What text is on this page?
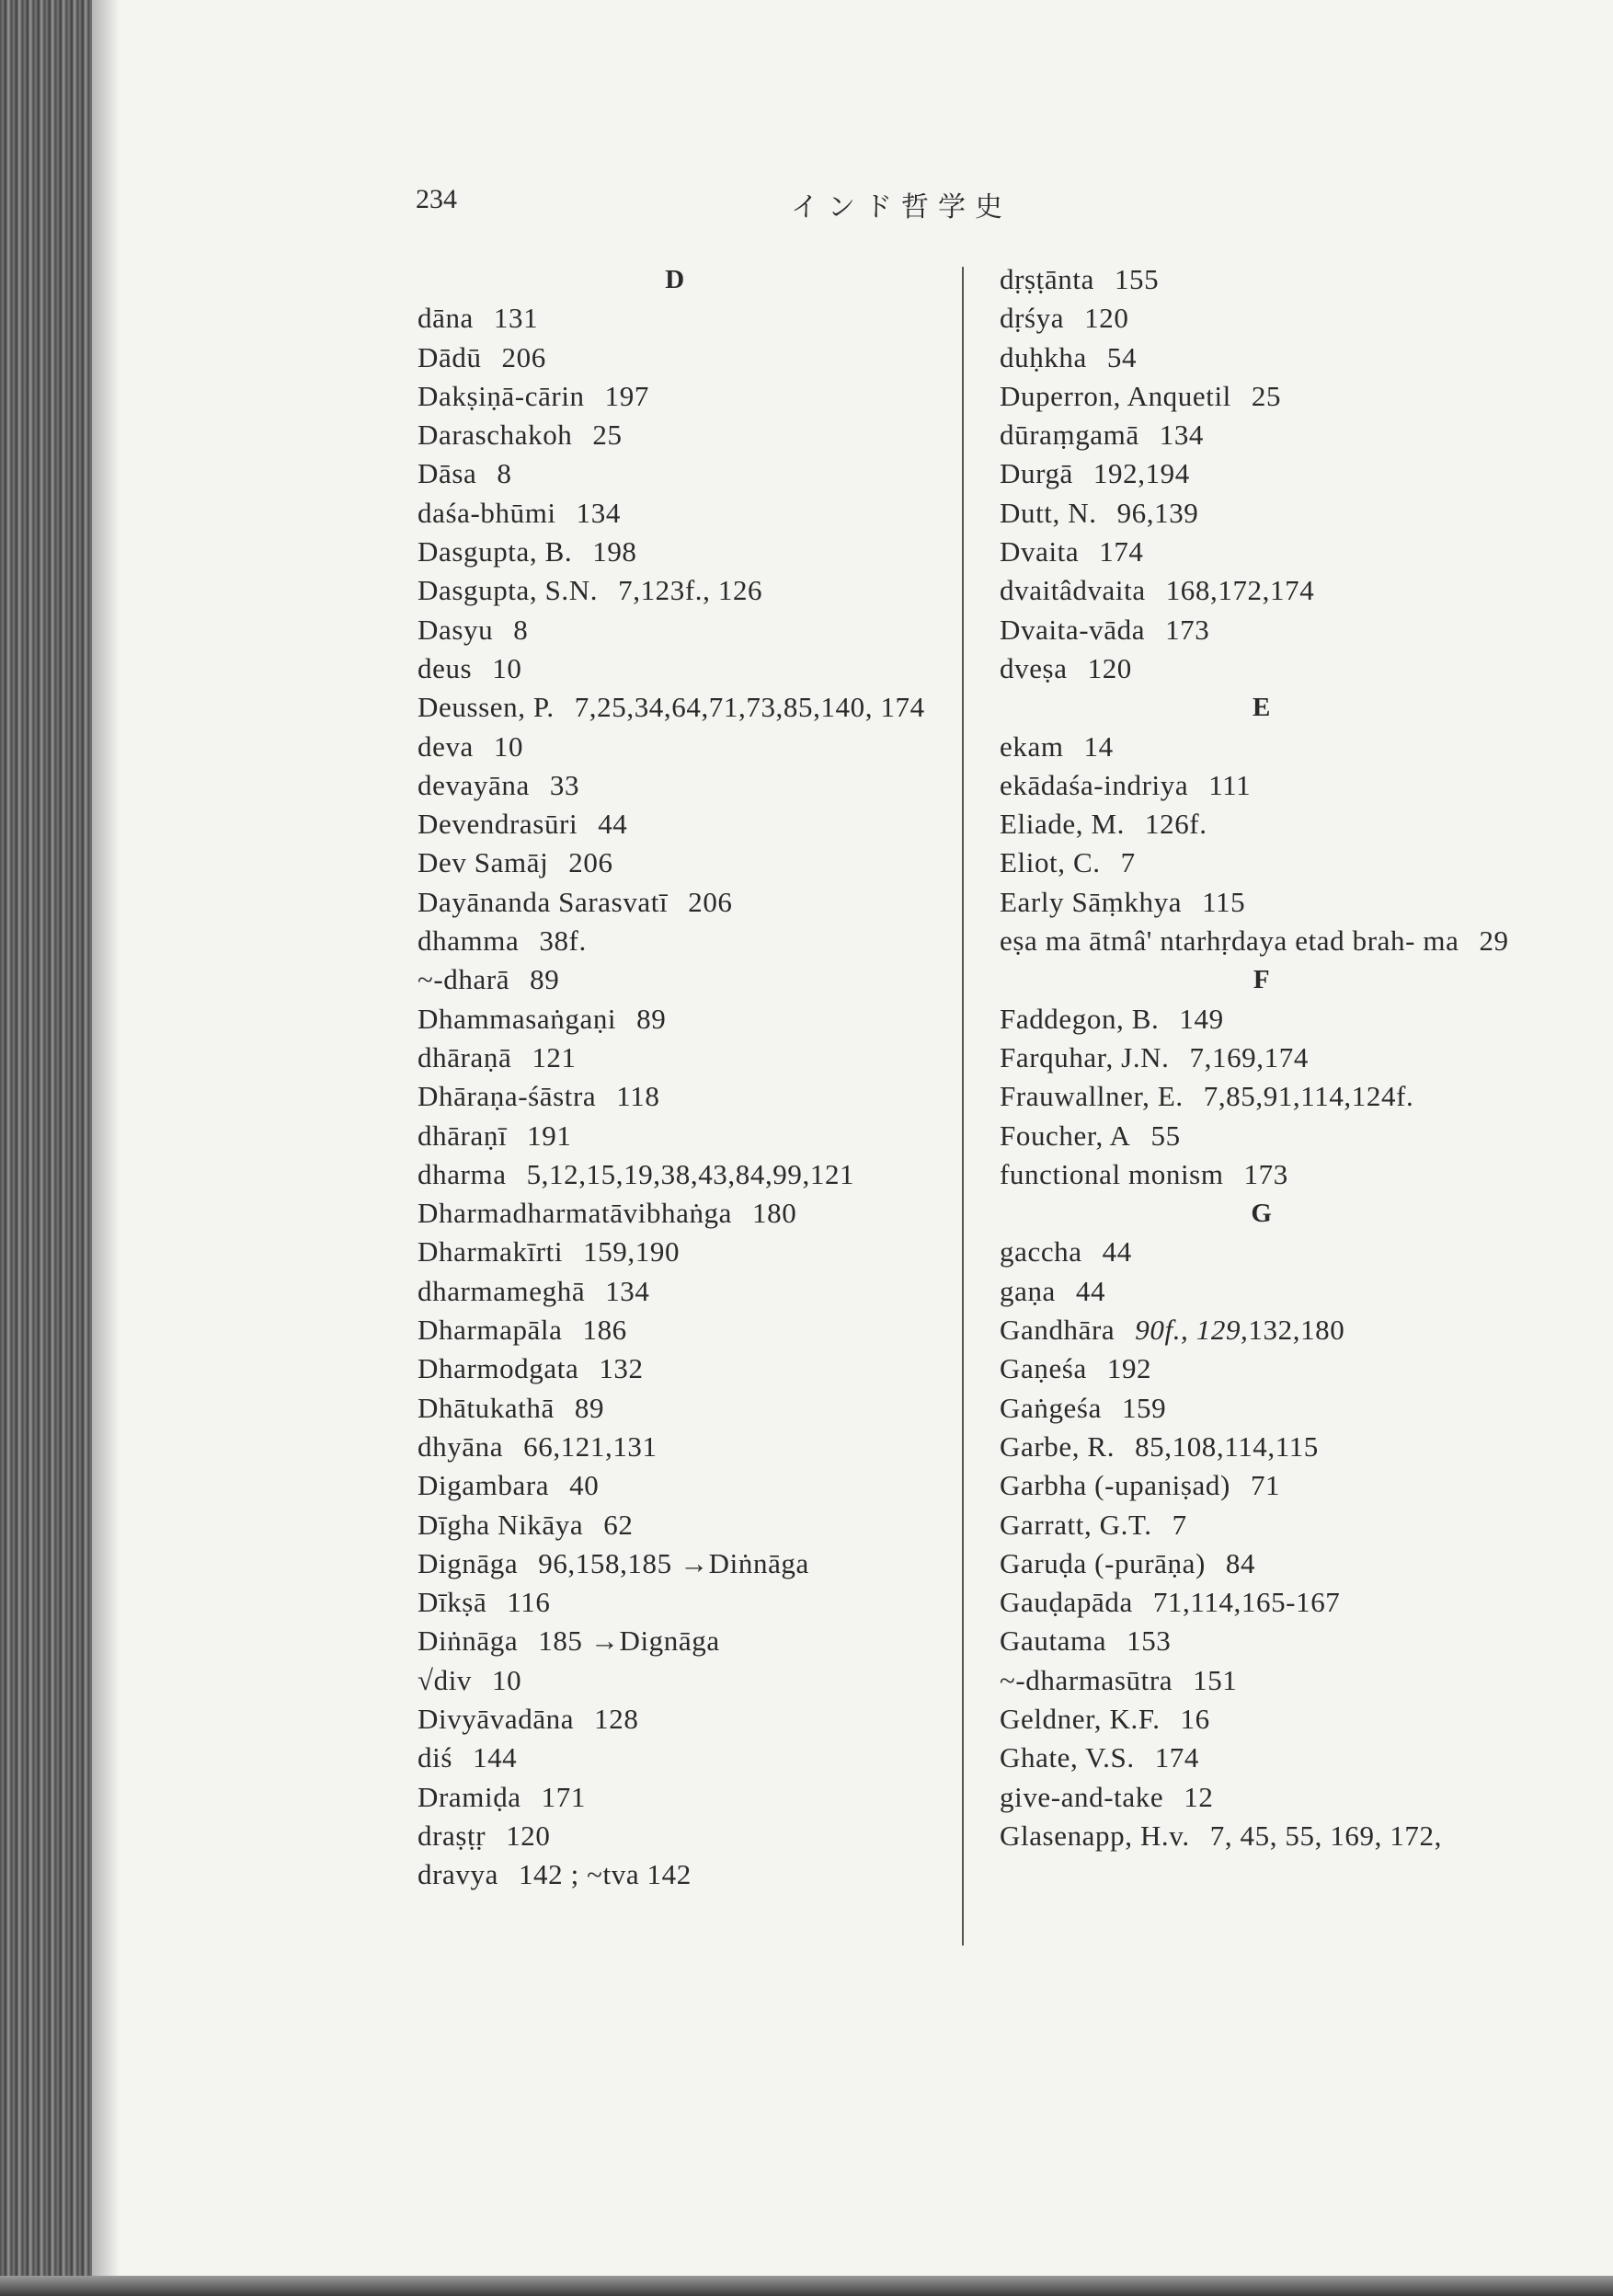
234	インド哲学史
D
dāna 131
Dādū 206
Dakṣiṇā-cārin 197
Daraschakoh 25
Dāsa 8
daśa-bhūmi 134
Dasgupta, B. 198
Dasgupta, S.N. 7,123f., 126
Dasyu 8
deus 10
Deussen, P. 7,25,34,64,71,73,85,140, 174
deva 10
devayāna 33
Devendrasūri 44
Dev Samāj 206
Dayānanda Sarasvatī 206
dhamma 38f.
~-dharā 89
Dhammasaṅgaṇi 89
dhāraṇā 121
Dhāraṇa-śāstra 118
dhāraṇī 191
dharma 5,12,15,19,38,43,84,99,121
Dharmadharmatāvibhaṅga 180
Dharmakīrti 159,190
dharmameghā 134
Dharmapāla 186
Dharmodgata 132
Dhātukathā 89
dhyāna 66,121,131
Digambara 40
Dīgha Nikāya 62
Dignāga 96,158,185 →Diṅnāga
Dīkṣā 116
Diṅnāga 185 →Dignāga
√div 10
Divyāvadāna 128
diś 144
Dramiḍa 171
draṣṭṛ 120
dravya 142 ; ~tva 142
dṛṣṭānta 155
dṛśya 120
duḥkha 54
Duperron, Anquetil 25
dūraṃgamā 134
Durgā 192,194
Dutt, N. 96,139
Dvaita 174
dvaitâdvaita 168,172,174
Dvaita-vāda 173
dveṣa 120
E
ekam 14
ekādaśa-indriya 111
Eliade, M. 126f.
Eliot, C. 7
Early Sāṃkhya 115
eṣa ma ātmâ' ntarhṛdaya etad brah- ma 29
F
Faddegon, B. 149
Farquhar, J.N. 7,169,174
Frauwallner, E. 7,85,91,114,124f.
Foucher, A 55
functional monism 173
G
gaccha 44
gaṇa 44
Gandhāra 90f., 129,132,180
Gaṇeśa 192
Gaṅgeśa 159
Garbe, R. 85,108,114,115
Garbha (-upaniṣad) 71
Garratt, G.T. 7
Garuḍa (-purāṇa) 84
Gauḍapāda 71,114,165-167
Gautama 153
~-dharmasūtra 151
Geldner, K.F. 16
Ghate, V.S. 174
give-and-take 12
Glasenapp, H.v. 7, 45, 55, 169, 172,
